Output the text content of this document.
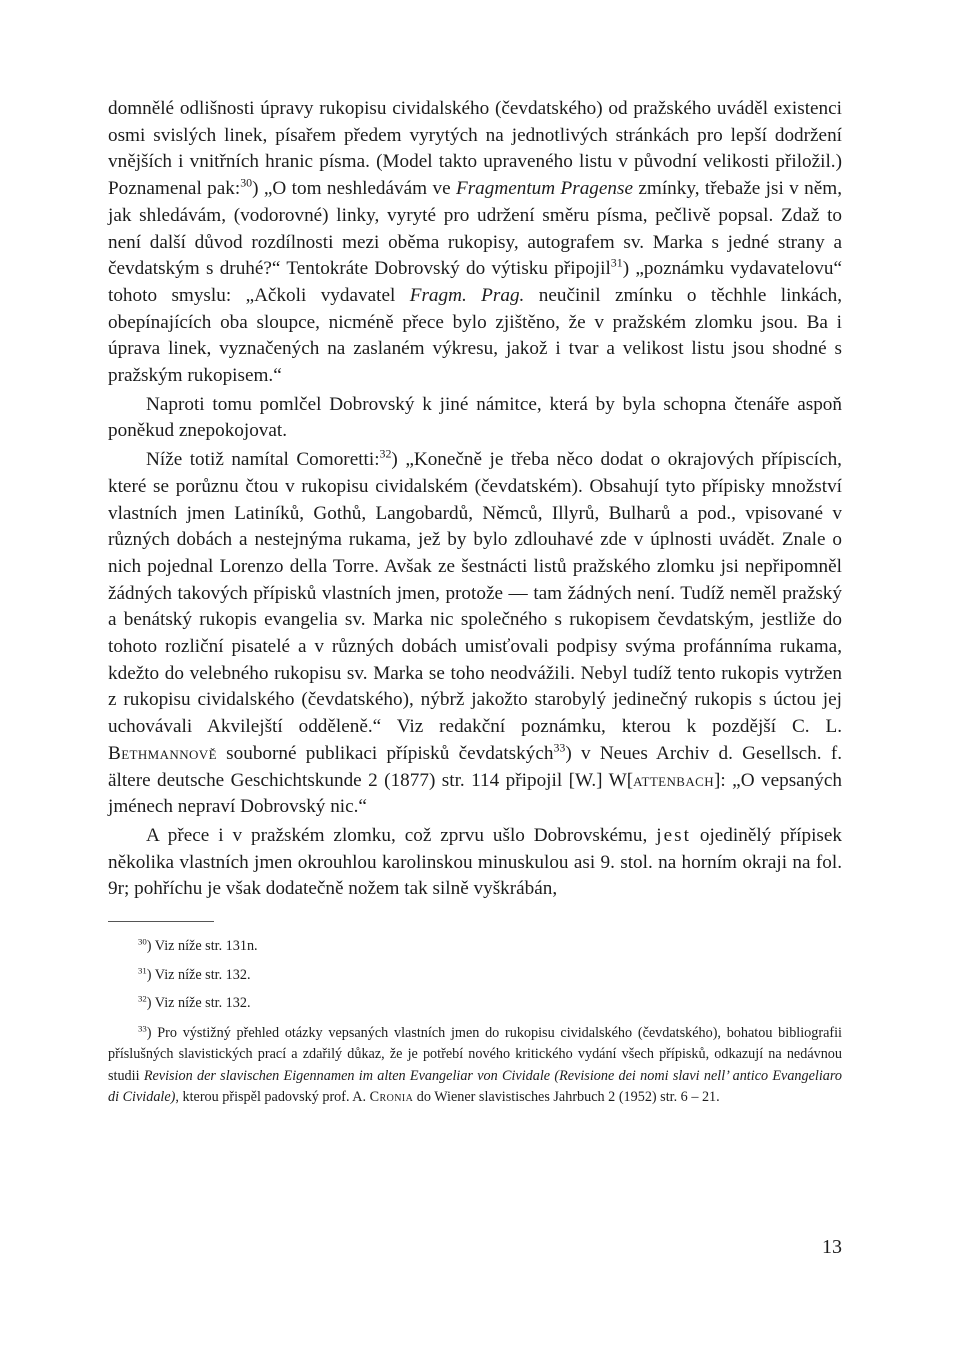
domnělé odlišnosti úpravy rukopisu cividalského (čevdatského) od pražského uváděl existenci osmi svislých linek, písařem předem vyrytých na jednotlivých stránkách pro lepší dodržení vnějších i vnitřních hranic písma. (Model takto upraveného listu v původní velikosti přiložil.) Poznamenal pak:$^{30}$) „O tom neshledávám ve Fragmentum Pragense zmínky, třebaže jsi v něm, jak shledávám, (vodorovné) linky, vyryté pro udržení směru písma, pečlivě popsal. Zdaž to není další důvod rozdílnosti mezi oběma rukopisy, autografem sv. Marka s jedné strany a čevdatským s druhé?“ Tentokráte Dobrovský do výtisku připojil$^{31}$) „poznámku vydavatelovu“ tohoto smyslu: „Ačkoli vydavatel Fragm. Prag. neučinil zmínku o těchhle linkách, obepínajících oba sloupce, nicméně přece bylo zjištěno, že v pražském zlomku jsou. Ba i úprava linek, vyznačených na zaslaném výkresu, jakož i tvar a velikost listu jsou shodné s pražským rukopisem.“

Naproti tomu pomlčel Dobrovský k jiné námitce, která by byla schopna čtenáře aspoň poněkud znepokojovat.

Níže totiž namítal Comoretti:$^{32}$) „Konečně je třeba něco dodat o okrajových přípiscích, které se porůznu čtou v rukopisu cividalském (čevdatském). Obsahují tyto přípisky množství vlastních jmen Latiníků, Gothů, Langobardů, Němců, Illyrů, Bulharů a pod., vpisované v různých dobách a nestejnýma rukama, jež by bylo zdlouhavé zde v úplnosti uvádět. Znale o nich pojednal Lorenzo della Torre. Avšak ze šestnácti listů pražského zlomku jsi nepřipomněl žádných takových přípisků vlastních jmen, protože — tam žádných není. Tudíž neměl pražský a benátský rukopis evangelia sv. Marka nic společného s rukopisem čevdatským, jestliže do tohoto rozliční pisatelé a v různých dobách umisťovali podpisy svýma profánníma rukama, kdežto do velebného rukopisu sv. Marka se toho neodvážili. Nebyl tudíž tento rukopis vytržen z rukopisu cividalského (čevdatského), nýbrž jakožto starobylý jedinečný rukopis s úctou jej uchovávali Akvilejští odděleně.“ Viz redakční poznámku, kterou k pozdější C. L. Bethmannově souborné publikaci přípisků čevdatských$^{33}$) v Neues Archiv d. Gesellsch. f. ältere deutsche Geschichtskunde 2 (1877) str. 114 připojil [W.] W[attenbach]: „O vepsaných jménech nepraví Dobrovský nic.“

A přece i v pražském zlomku, což zprvu ušlo Dobrovskému, jest ojedinělý přípisek několika vlastních jmen okrouhlou karolinskou minuskulou asi 9. stol. na horním okraji na fol. 9r; pohříchu je však dodatečně nožem tak silně vyškrábán,

$^{30}$) Viz níže str. 131n.

$^{31}$) Viz níže str. 132.

$^{32}$) Viz níže str. 132.

$^{33}$) Pro výstižný přehled otázky vepsaných vlastních jmen do rukopisu cividalského (čevdatského), bohatou bibliografii příslušných slavistických prací a zdařilý důkaz, že je potřebí nového kritického vydání všech přípisků, odkazují na nedávnou studii Revision der slavischen Eigennamen im alten Evangeliar von Cividale (Revisione dei nomi slavi nell’ antico Evangeliaro di Cividale), kterou přispěl padovský prof. A. Cronia do Wiener slavistisches Jahrbuch 2 (1952) str. 6 – 21.

13
